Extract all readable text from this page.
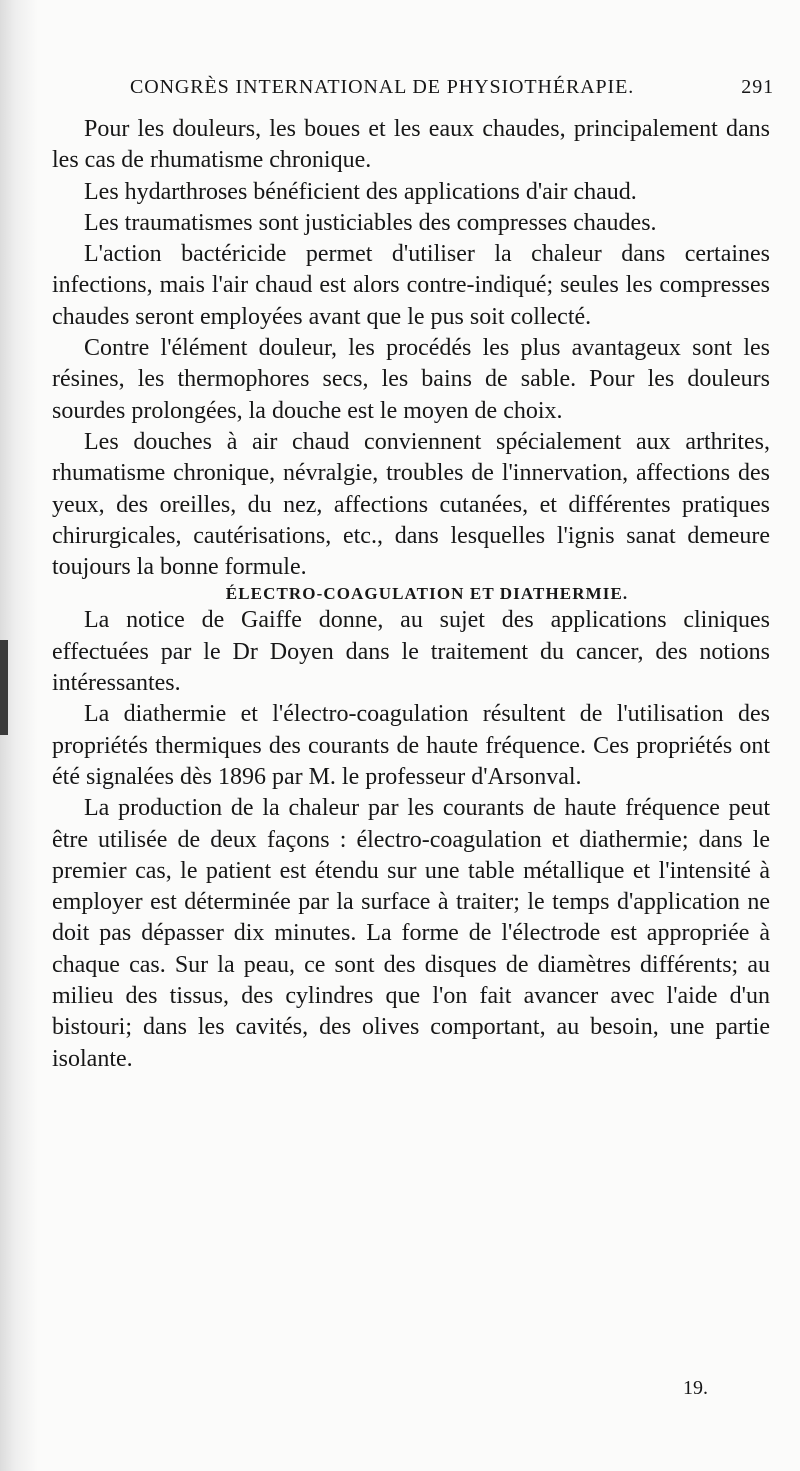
CONGRÈS INTERNATIONAL DE PHYSIOTHÉRAPIE.	291

Pour les douleurs, les boues et les eaux chaudes, principalement dans les cas de rhumatisme chronique.

Les hydarthroses bénéficient des applications d'air chaud.

Les traumatismes sont justiciables des compresses chaudes.

L'action bactéricide permet d'utiliser la chaleur dans certaines infections, mais l'air chaud est alors contre-indiqué; seules les compresses chaudes seront employées avant que le pus soit collecté.

Contre l'élément douleur, les procédés les plus avantageux sont les résines, les thermophores secs, les bains de sable. Pour les douleurs sourdes prolongées, la douche est le moyen de choix.

Les douches à air chaud conviennent spécialement aux arthrites, rhumatisme chronique, névralgie, troubles de l'innervation, affections des yeux, des oreilles, du nez, affections cutanées, et différentes pratiques chirurgicales, cautérisations, etc., dans lesquelles l'ignis sanat demeure toujours la bonne formule.

ÉLECTRO-COAGULATION ET DIATHERMIE.

La notice de Gaiffe donne, au sujet des applications cliniques effectuées par le Dr Doyen dans le traitement du cancer, des notions intéressantes.

La diathermie et l'électro-coagulation résultent de l'utilisation des propriétés thermiques des courants de haute fréquence. Ces propriétés ont été signalées dès 1896 par M. le professeur d'Arsonval.

La production de la chaleur par les courants de haute fréquence peut être utilisée de deux façons : électro-coagulation et diathermie; dans le premier cas, le patient est étendu sur une table métallique et l'intensité à employer est déterminée par la surface à traiter; le temps d'application ne doit pas dépasser dix minutes. La forme de l'électrode est appropriée à chaque cas. Sur la peau, ce sont des disques de diamètres différents; au milieu des tissus, des cylindres que l'on fait avancer avec l'aide d'un bistouri; dans les cavités, des olives comportant, au besoin, une partie isolante.

19.
